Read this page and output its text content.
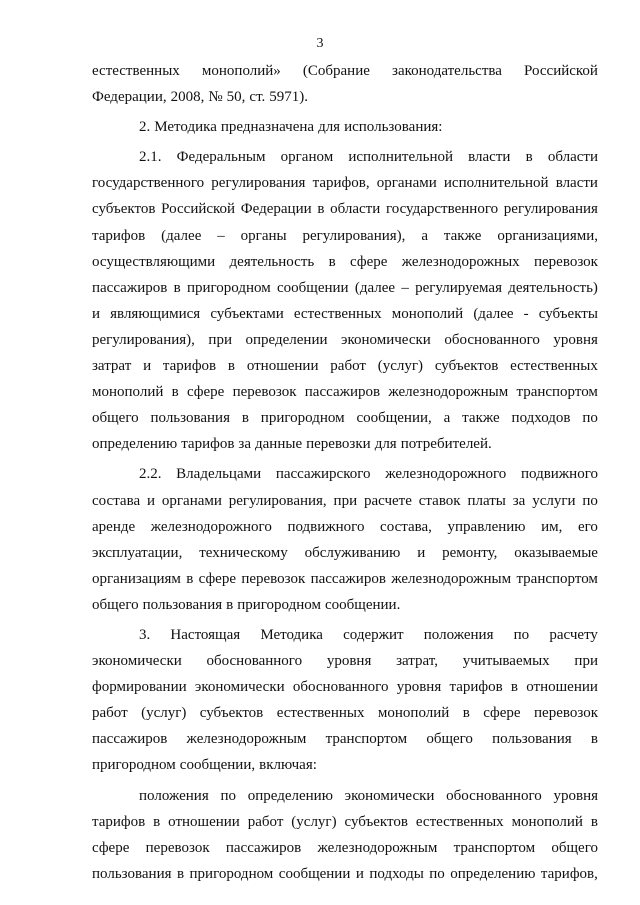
3
естественных монополий» (Собрание законодательства Российской
Федерации, 2008, № 50, ст. 5971).
2. Методика предназначена для использования:
2.1. Федеральным органом исполнительной власти в области
государственного регулирования тарифов, органами исполнительной власти
субъектов Российской Федерации в области государственного регулирования
тарифов (далее – органы регулирования), а также организациями,
осуществляющими деятельность в сфере железнодорожных перевозок
пассажиров в пригородном сообщении (далее – регулируемая деятельность)
и являющимися субъектами естественных монополий (далее - субъекты
регулирования), при определении экономически обоснованного уровня
затрат и тарифов в отношении работ (услуг) субъектов естественных
монополий в сфере перевозок пассажиров железнодорожным транспортом
общего пользования в пригородном сообщении, а также подходов по
определению тарифов за данные перевозки для потребителей.
2.2. Владельцами пассажирского железнодорожного подвижного
состава и органами регулирования, при расчете ставок платы за услуги по
аренде железнодорожного подвижного состава, управлению им, его
эксплуатации, техническому обслуживанию и ремонту, оказываемые
организациям в сфере перевозок пассажиров железнодорожным транспортом
общего пользования в пригородном сообщении.
3. Настоящая Методика содержит положения по расчету
экономически обоснованного уровня затрат, учитываемых при
формировании экономически обоснованного уровня тарифов в отношении
работ (услуг) субъектов естественных монополий в сфере перевозок
пассажиров железнодорожным транспортом общего пользования в
пригородном сообщении, включая:
положения по определению экономически обоснованного уровня
тарифов в отношении работ (услуг) субъектов естественных монополий в
сфере перевозок пассажиров железнодорожным транспортом общего
пользования в пригородном сообщении и подходы по определению тарифов,
